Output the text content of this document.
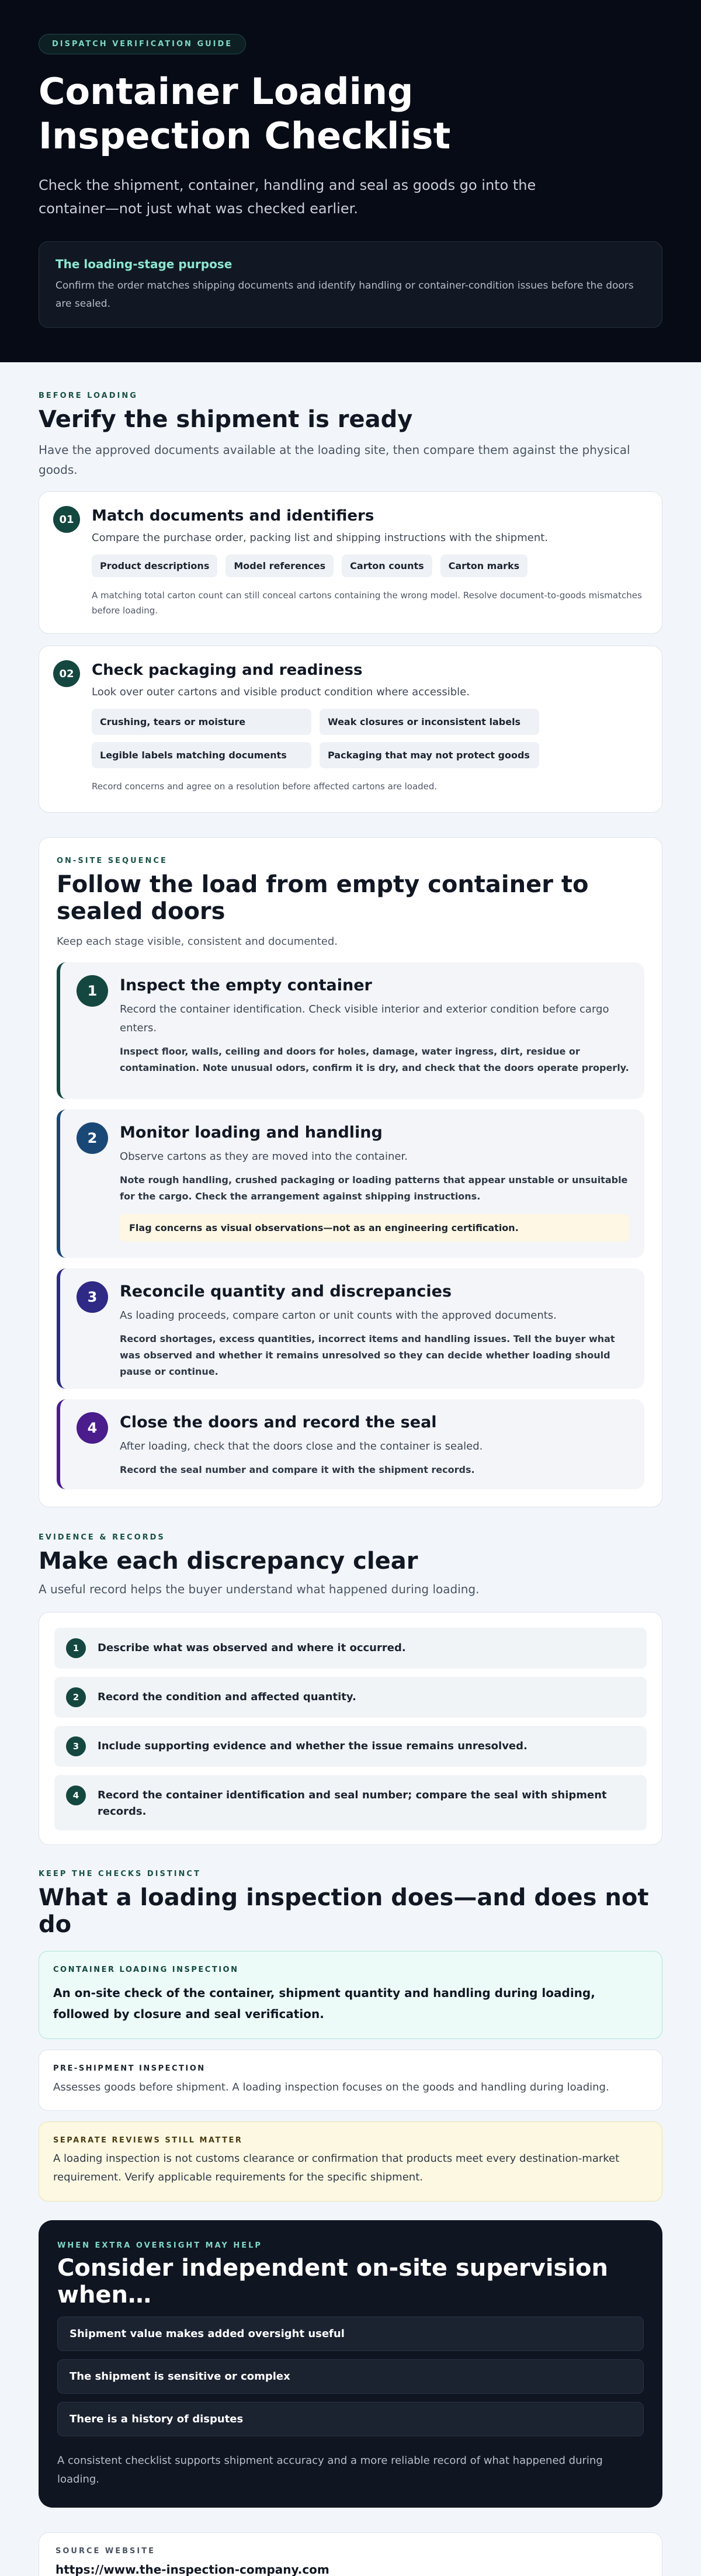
DISPATCH VERIFICATION GUIDE
Container Loading Inspection Checklist

Check the shipment, container, handling and seal as goods go into the container—not just what was checked earlier.

The loading-stage purpose
Confirm the order matches shipping documents and identify handling or container-condition issues before the doors are sealed.
BEFORE LOADING
Verify the shipment is ready

Have the approved documents available at the loading site, then compare them against the physical goods.

01	Match documents and identifiers
Compare the purchase order, packing list and shipping instructions with the shipment.
Product descriptions	Model references	Carton counts	Carton marks
A matching total carton count can still conceal cartons containing the wrong model. Resolve document-to-goods mismatches before loading.
02	Check packaging and readiness
Look over outer cartons and visible product condition where accessible.
Crushing, tears or moisture	Weak closures or inconsistent labels
Legible labels matching documents	Packaging that may not protect goods
Record concerns and agree on a resolution before affected cartons are loaded.
ON-SITE SEQUENCE
Follow the load from empty container to sealed doors

Keep each stage visible, consistent and documented.

1	Inspect the empty container
Record the container identification. Check visible interior and exterior condition before cargo enters.
Inspect floor, walls, ceiling and doors for holes, damage, water ingress, dirt, residue or contamination. Note unusual odors, confirm it is dry, and check that the doors operate properly.
2	Monitor loading and handling
Observe cartons as they are moved into the container.
Note rough handling, crushed packaging or loading patterns that appear unstable or unsuitable for the cargo. Check the arrangement against shipping instructions.
Flag concerns as visual observations—not as an engineering certification.
3	Reconcile quantity and discrepancies
As loading proceeds, compare carton or unit counts with the approved documents.
Record shortages, excess quantities, incorrect items and handling issues. Tell the buyer what was observed and whether it remains unresolved so they can decide whether loading should pause or continue.
4	Close the doors and record the seal
After loading, check that the doors close and the container is sealed.
Record the seal number and compare it with the shipment records.
EVIDENCE & RECORDS
Make each discrepancy clear

A useful record helps the buyer understand what happened during loading.

1	Describe what was observed and where it occurred.
2	Record the condition and affected quantity.
3	Include supporting evidence and whether the issue remains unresolved.
4	Record the container identification and seal number; compare the seal with shipment records.
KEEP THE CHECKS DISTINCT
What a loading inspection does—and does not do
CONTAINER LOADING INSPECTION
An on-site check of the container, shipment quantity and handling during loading, followed by closure and seal verification.
PRE-SHIPMENT INSPECTION
Assesses goods before shipment. A loading inspection focuses on the goods and handling during loading.
SEPARATE REVIEWS STILL MATTER
A loading inspection is not customs clearance or confirmation that products meet every destination-market requirement. Verify applicable requirements for the specific shipment.
WHEN EXTRA OVERSIGHT MAY HELP
Consider independent on-site supervision when…
Shipment value makes added oversight useful
The shipment is sensitive or complex
There is a history of disputes
A consistent checklist supports shipment accuracy and a more reliable record of what happened during loading.
SOURCE WEBSITE
https://www.the-inspection-company.com
